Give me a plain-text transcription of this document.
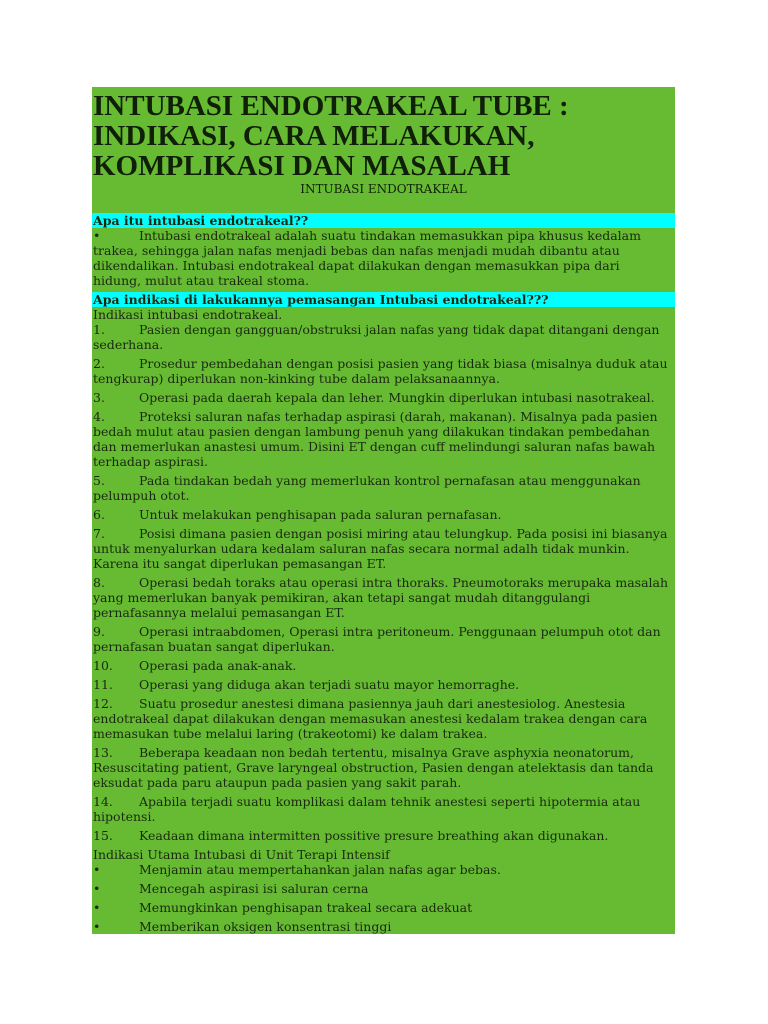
INTUBASI ENDOTRAKEAL TUBE : INDIKASI, CARA MELAKUKAN, KOMPLIKASI DAN MASALAH
INTUBASI ENDOTRAKEAL
Apa itu intubasi endotrakeal??
•	Intubasi endotrakeal adalah suatu tindakan memasukkan pipa khusus kedalam trakea, sehingga jalan nafas menjadi bebas dan nafas menjadi mudah dibantu atau dikendalikan. Intubasi endotrakeal dapat dilakukan dengan memasukkan pipa dari hidung, mulut atau trakeal stoma.
Apa indikasi di lakukannya pemasangan Intubasi endotrakeal???
Indikasi intubasi endotrakeal.
1.	Pasien dengan gangguan/obstruksi jalan nafas yang tidak dapat ditangani dengan sederhana.
2.	Prosedur pembedahan dengan posisi pasien yang tidak biasa (misalnya duduk atau tengkurap) diperlukan non-kinking tube dalam pelaksanaannya.
3.	Operasi pada daerah kepala dan leher. Mungkin diperlukan intubasi nasotrakeal.
4.	Proteksi saluran nafas terhadap aspirasi (darah, makanan). Misalnya pada pasien bedah mulut atau pasien dengan lambung penuh yang dilakukan tindakan pembedahan dan memerlukan anastesi umum. Disini ET dengan cuff melindungi saluran nafas bawah terhadap aspirasi.
5.	Pada tindakan bedah yang memerlukan kontrol pernafasan atau menggunakan pelumpuh otot.
6.	Untuk melakukan penghisapan pada saluran pernafasan.
7.	Posisi dimana pasien dengan posisi miring atau telungkup. Pada posisi ini biasanya untuk menyalurkan udara kedalam saluran nafas secara normal adalh tidak munkin. Karena itu sangat diperlukan pemasangan ET.
8.	Operasi bedah toraks atau operasi intra thoraks. Pneumotoraks merupaka masalah yang memerlukan banyak pemikiran, akan tetapi sangat mudah ditanggulangi pernafasannya melalui pemasangan ET.
9.	Operasi intraabdomen, Operasi intra peritoneum. Penggunaan pelumpuh otot dan pernafasan buatan sangat diperlukan.
10. Operasi pada anak-anak.
11. Operasi yang diduga akan terjadi suatu mayor hemorraghe.
12. Suatu prosedur anestesi dimana pasiennya jauh dari anestesiolog. Anestesia endotrakeal dapat dilakukan dengan memasukan anestesi kedalam trakea dengan cara memasukan tube melalui laring (trakeotomi) ke dalam trakea.
13. Beberapa keadaan non bedah tertentu, misalnya Grave asphyxia neonatorum, Resuscitating patient, Grave laryngeal obstruction, Pasien dengan atelektasis dan tanda eksudat pada paru ataupun pada pasien yang sakit parah.
14. Apabila terjadi suatu komplikasi dalam tehnik anestesi seperti hipotermia atau hipotensi.
15. Keadaan dimana intermitten possitive presure breathing akan digunakan.
Indikasi Utama Intubasi di Unit Terapi Intensif
•	Menjamin atau mempertahankan jalan nafas agar bebas.
•	Mencegah aspirasi isi saluran cerna
•	Memungkinkan penghisapan trakeal secara adekuat
•	Memberikan oksigen konsentrasi tinggi
